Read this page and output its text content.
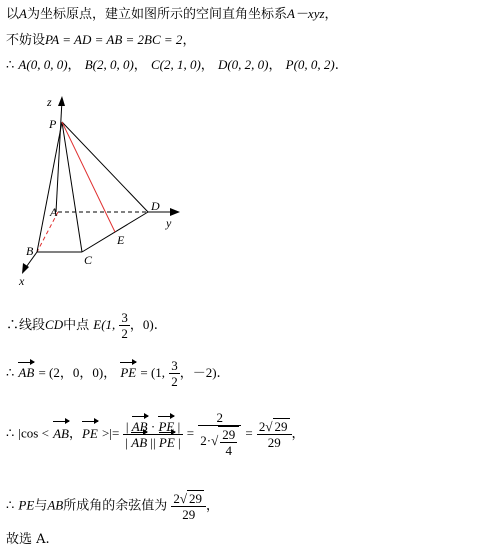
以A为坐标原点，建立如图所示的空间直角坐标系A－xyz，
不妨设PA = AD = AB = 2BC = 2，
∴ A(0, 0, 0)， B(2, 0, 0)， C(2, 1, 0)， D(0, 2, 0)， P(0, 0, 2).
z
P
A	D
y
E
B
C
x
∴线段CD中点 E(1, $\frac{3}{2}$ ，0).
∴ AB = (2，0，0)， PE = (1, $\frac{3}{2}$ ，－2).
∴ |cos < AB，PE >|= $\frac{| AB \cdot PE |}{| AB || PE |} = \frac{2}{2\cdot√ \frac{29}{4}} = \frac{2√ 29}{29}$ ，
∴ PE与AB所成角的余弦值为 $\frac{2√ 29}{29}$ ，
故选 A.
